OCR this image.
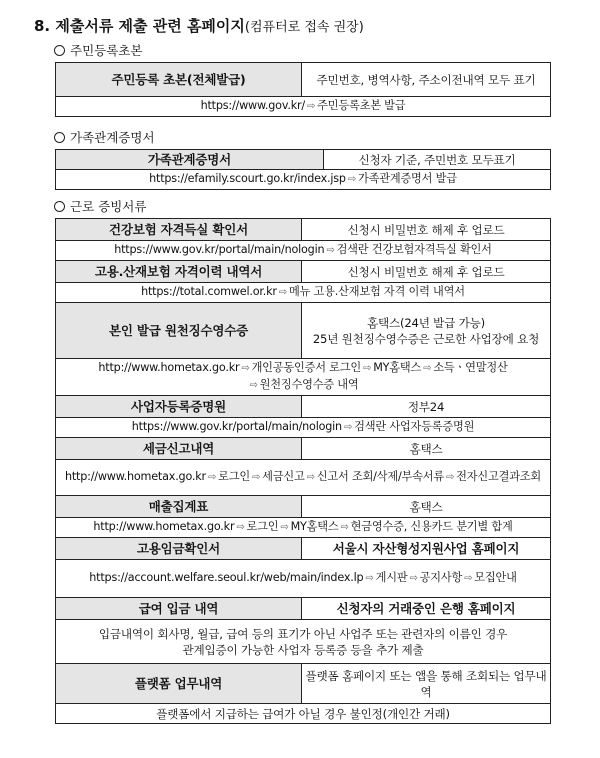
8. 제출서류 제출 관련 홈페이지(컴퓨터로 접속 권장)
주민등록초본
주민등록 초본(전체발급)	주민번호, 병역사항, 주소이전내역 모두 표기
https://www.gov.kr/ ⇨ 주민등록초본 발급
가족관계증명서
가족관계증명서	신청자 기준, 주민번호 모두표기
https://efamily.scourt.go.kr/index.jsp ⇨ 가족관계증명서 발급
근로 증빙서류
건강보험 자격득실 확인서	신청시 비밀번호 해제 후 업로드
https://www.gov.kr/portal/main/nologin ⇨ 검색란 건강보험자격득실 확인서	
고용.산재보험 자격이력 내역서	신청시 비밀번호 해제 후 업로드
https://total.comwel.or.kr ⇨ 메뉴 고용.산재보험 자격 이력 내역서	
본인 발급 원천징수영수증	홈택스(24년 발급 가능)
25년 원천징수영수증은 근로한 사업장에 요청

http://www.hometax.go.kr ⇨ 개인공동인증서 로그인 ⇨ MY홈택스 ⇨ 소득ㆍ연말정산
⇨ 원천징수영수증 내역	
사업자등록증명원	정부24
https://www.gov.kr/portal/main/nologin ⇨ 검색란 사업자등록증명원	
세금신고내역	홈택스
http://www.hometax.go.kr ⇨ 로그인 ⇨ 세금신고 ⇨ 신고서 조회/삭제/부속서류 ⇨ 전자신고결과조회	
매출집계표	홈택스
http://www.hometax.go.kr ⇨ 로그인 ⇨ MY홈택스 ⇨ 현금영수증, 신용카드 분기별 합계	
고용임금확인서	서울시 자산형성지원사업 홈페이지
https://account.welfare.seoul.kr/web/main/index.lp ⇨ 게시판 ⇨ 공지사항 ⇨ 모집안내	
급여 입금 내역	신청자의 거래중인 은행 홈페이지

입금내역이 회사명, 월급, 급여 등의 표기가 아닌 사업주 또는 관련자의 이름인 경우
관계입증이 가능한 사업자 등록증 등을 추가 제출	

플랫폼 업무내역	플랫폼 홈페이지 또는 앱을 통해 조회되는 업무내역
플랫폼에서 지급하는 급여가 아닐 경우 불인정(개인간 거래)	
